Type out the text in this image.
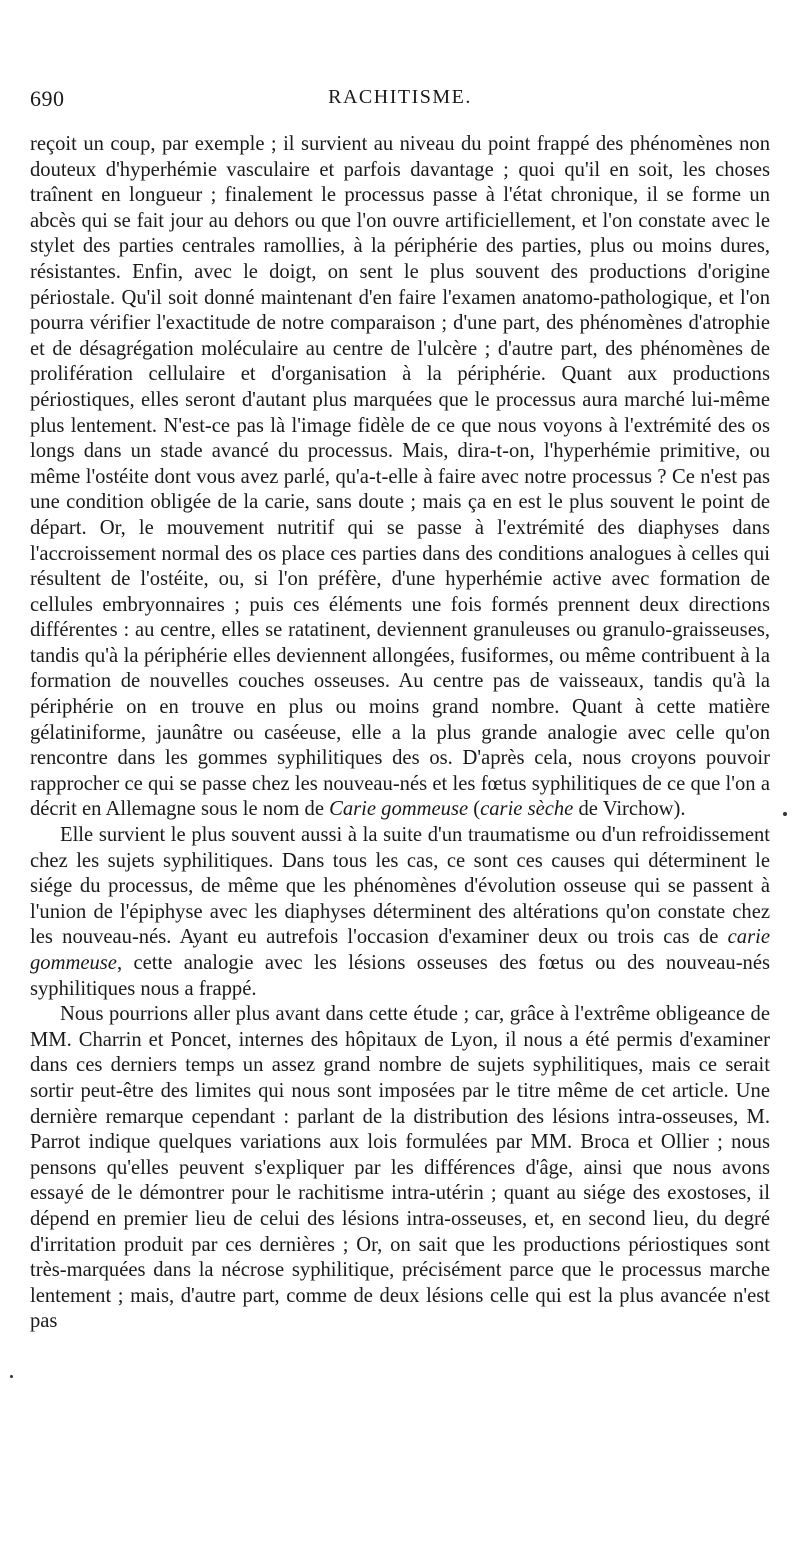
690	RACHITISME.

reçoit un coup, par exemple ; il survient au niveau du point frappé des phénomènes non douteux d'hyperhémie vasculaire et parfois davantage ; quoi qu'il en soit, les choses traînent en longueur ; finalement le processus passe à l'état chronique, il se forme un abcès qui se fait jour au dehors ou que l'on ouvre artificiellement, et l'on constate avec le stylet des parties centrales ramollies, à la périphérie des parties, plus ou moins dures, résistantes. Enfin, avec le doigt, on sent le plus souvent des productions d'origine périostale. Qu'il soit donné maintenant d'en faire l'examen anatomo-pathologique, et l'on pourra vérifier l'exactitude de notre comparaison ; d'une part, des phénomènes d'atrophie et de désagrégation moléculaire au centre de l'ulcère ; d'autre part, des phénomènes de prolifération cellulaire et d'organisation à la périphérie. Quant aux productions périostiques, elles seront d'autant plus marquées que le processus aura marché lui-même plus lentement. N'est-ce pas là l'image fidèle de ce que nous voyons à l'extrémité des os longs dans un stade avancé du processus. Mais, dira-t-on, l'hyperhémie primitive, ou même l'ostéite dont vous avez parlé, qu'a-t-elle à faire avec notre processus ? Ce n'est pas une condition obligée de la carie, sans doute ; mais ça en est le plus souvent le point de départ. Or, le mouvement nutritif qui se passe à l'extrémité des diaphyses dans l'accroissement normal des os place ces parties dans des conditions analogues à celles qui résultent de l'ostéite, ou, si l'on préfère, d'une hyperhémie active avec formation de cellules embryonnaires ; puis ces éléments une fois formés prennent deux directions différentes : au centre, elles se ratatinent, deviennent granuleuses ou granulo-graisseuses, tandis qu'à la périphérie elles deviennent allongées, fusiformes, ou même contribuent à la formation de nouvelles couches osseuses. Au centre pas de vaisseaux, tandis qu'à la périphérie on en trouve en plus ou moins grand nombre. Quant à cette matière gélatiniforme, jaunâtre ou caséeuse, elle a la plus grande analogie avec celle qu'on rencontre dans les gommes syphilitiques des os. D'après cela, nous croyons pouvoir rapprocher ce qui se passe chez les nouveau-nés et les fœtus syphilitiques de ce que l'on a décrit en Allemagne sous le nom de Carie gommeuse (carie sèche de Virchow).

Elle survient le plus souvent aussi à la suite d'un traumatisme ou d'un refroidissement chez les sujets syphilitiques. Dans tous les cas, ce sont ces causes qui déterminent le siége du processus, de même que les phénomènes d'évolution osseuse qui se passent à l'union de l'épiphyse avec les diaphyses déterminent des altérations qu'on constate chez les nouveau-nés. Ayant eu autrefois l'occasion d'examiner deux ou trois cas de carie gommeuse, cette analogie avec les lésions osseuses des fœtus ou des nouveau-nés syphilitiques nous a frappé.

Nous pourrions aller plus avant dans cette étude ; car, grâce à l'extrême obligeance de MM. Charrin et Poncet, internes des hôpitaux de Lyon, il nous a été permis d'examiner dans ces derniers temps un assez grand nombre de sujets syphilitiques, mais ce serait sortir peut-être des limites qui nous sont imposées par le titre même de cet article. Une dernière remarque cependant : parlant de la distribution des lésions intra-osseuses, M. Parrot indique quelques variations aux lois formulées par MM. Broca et Ollier ; nous pensons qu'elles peuvent s'expliquer par les différences d'âge, ainsi que nous avons essayé de le démontrer pour le rachitisme intra-utérin ; quant au siége des exostoses, il dépend en premier lieu de celui des lésions intra-osseuses, et, en second lieu, du degré d'irritation produit par ces dernières ; Or, on sait que les productions périostiques sont très-marquées dans la nécrose syphilitique, précisément parce que le processus marche lentement ; mais, d'autre part, comme de deux lésions celle qui est la plus avancée n'est pas
